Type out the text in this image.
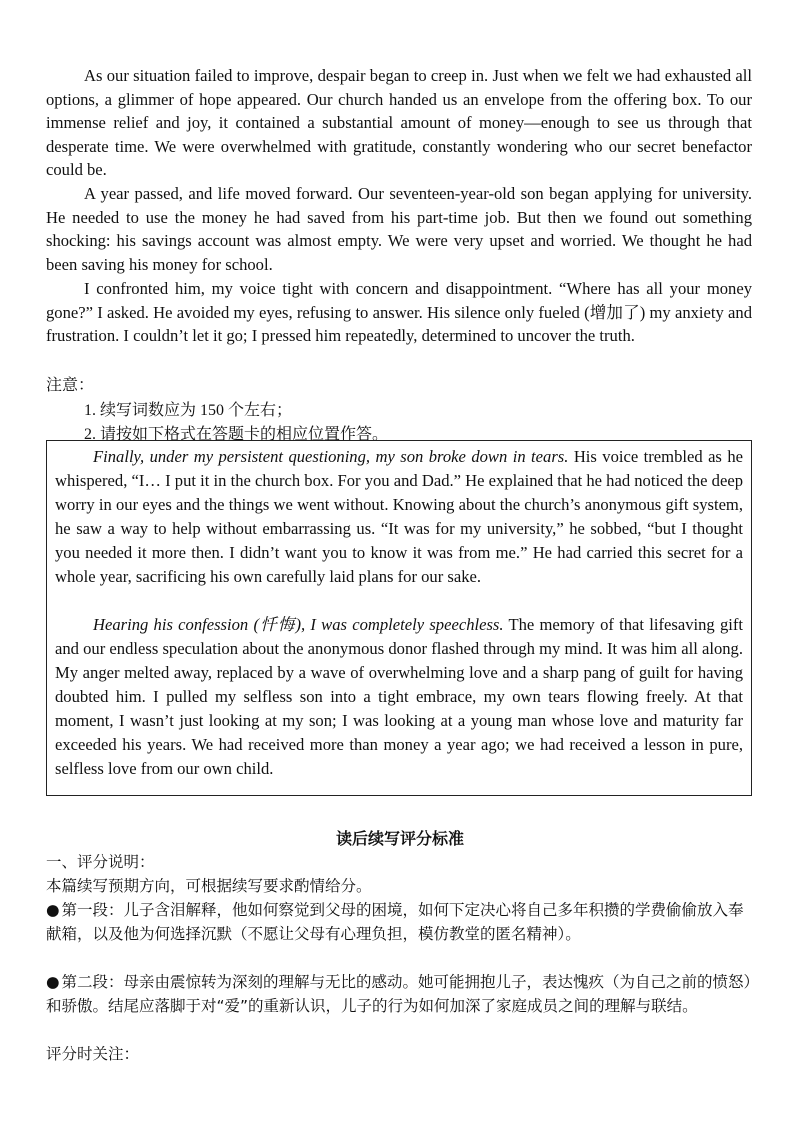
As our situation failed to improve, despair began to creep in. Just when we felt we had exhausted all options, a glimmer of hope appeared. Our church handed us an envelope from the offering box. To our immense relief and joy, it contained a substantial amount of money—enough to see us through that desperate time. We were overwhelmed with gratitude, constantly wondering who our secret benefactor could be.

A year passed, and life moved forward. Our seventeen-year-old son began applying for university. He needed to use the money he had saved from his part-time job. But then we found out something shocking: his savings account was almost empty. We were very upset and worried. We thought he had been saving his money for school.

I confronted him, my voice tight with concern and disappointment. “Where has all your money gone?” I asked. He avoided my eyes, refusing to answer. His silence only fueled (增加了) my anxiety and frustration. I couldn’t let it go; I pressed him repeatedly, determined to uncover the truth.

注意：

1. 续写词数应为 150 个左右；

2. 请按如下格式在答题卡的相应位置作答。

Finally, under my persistent questioning, my son broke down in tears. His voice trembled as he whispered, “I… I put it in the church box. For you and Dad.” He explained that he had noticed the deep worry in our eyes and the things we went without. Knowing about the church’s anonymous gift system, he saw a way to help without embarrassing us. “It was for my university,” he sobbed, “but I thought you needed it more then. I didn’t want you to know it was from me.” He had carried this secret for a whole year, sacrificing his own carefully laid plans for our sake.

Hearing his confession (忏悔), I was completely speechless. The memory of that lifesaving gift and our endless speculation about the anonymous donor flashed through my mind. It was him all along. My anger melted away, replaced by a wave of overwhelming love and a sharp pang of guilt for having doubted him. I pulled my selfless son into a tight embrace, my own tears flowing freely. At that moment, I wasn’t just looking at my son; I was looking at a young man whose love and maturity far exceeded his years. We had received more than money a year ago; we had received a lesson in pure, selfless love from our own child.

读后续写评分标准

一、评分说明：

本篇续写预期方向，可根据续写要求酌情给分。

● 第一段：儿子含泪解释，他如何察觉到父母的困境，如何下定决心将自己多年积攒的学费偷偷放入奉献箱，以及他为何选择沉默（不愿让父母有心理负担，模仿教堂的匿名精神）。

● 第二段：母亲由震惊转为深刻的理解与无比的感动。她可能拥抱儿子，表达愧疚（为自己之前的愤怒）和骄傲。结尾应落脚于对“爱”的重新认识，儿子的行为如何加深了家庭成员之间的理解与联结。

评分时关注：
